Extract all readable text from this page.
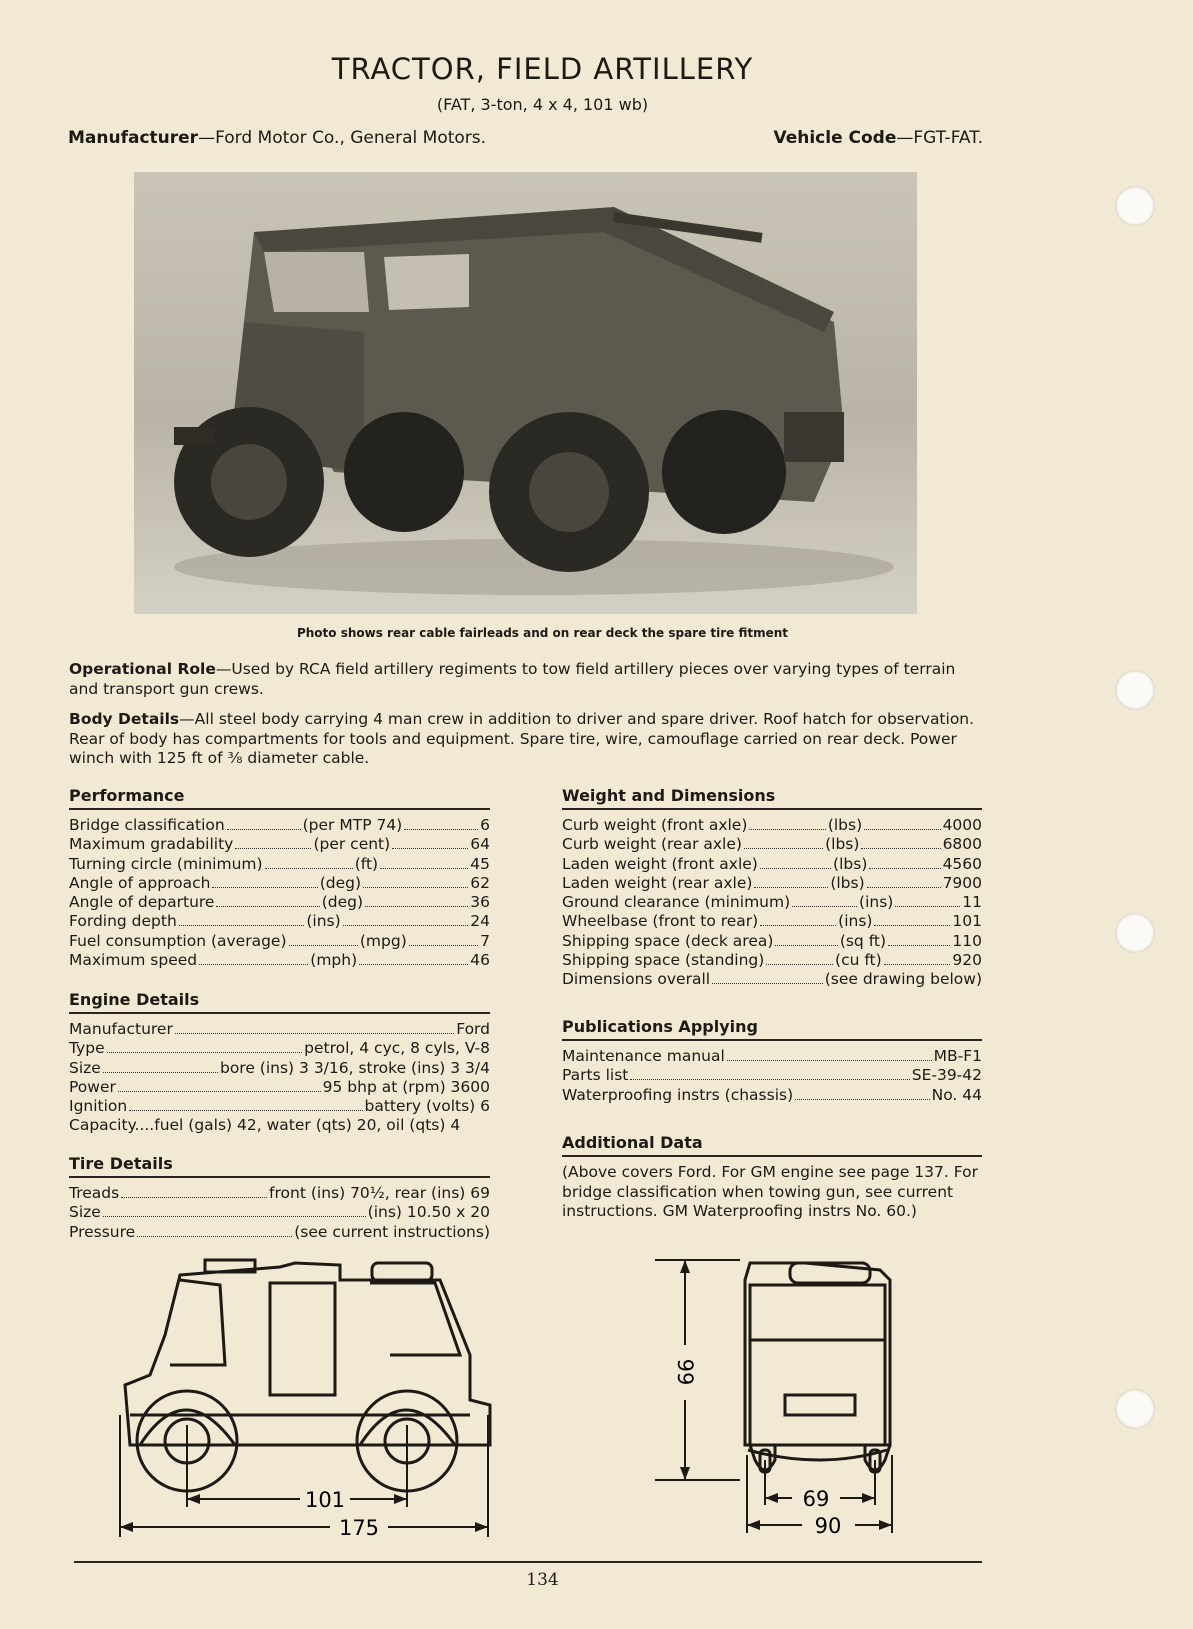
TRACTOR, FIELD ARTILLERY
(FAT, 3-ton, 4 x 4, 101 wb)
Manufacturer—Ford Motor Co., General Motors.	Vehicle Code—FGT-FAT.
Photo shows rear cable fairleads and on rear deck the spare tire fitment
Operational Role—Used by RCA field artillery regiments to tow field artillery pieces over varying types of terrain and transport gun crews.
Body Details—All steel body carrying 4 man crew in addition to driver and spare driver. Roof hatch for observation. Rear of body has compartments for tools and equipment. Spare tire, wire, camouflage carried on rear deck. Power winch with 125 ft of ⅜ diameter cable.
Performance
Bridge classification	(per MTP 74)	6
Maximum gradability	(per cent)	64
Turning circle (minimum)	(ft)	45
Angle of approach	(deg)	62
Angle of departure	(deg)	36
Fording depth	(ins)	24
Fuel consumption (average)	(mpg)	7
Maximum speed	(mph)	46
Engine Details
Manufacturer	Ford
Type	petrol, 4 cyc, 8 cyls, V-8
Size	bore (ins) 3 3/16, stroke (ins) 3 3/4
Power	95 bhp at (rpm) 3600
Ignition	battery (volts) 6
Capacity....fuel (gals) 42, water (qts) 20, oil (qts) 4
Tire Details
Treads	front (ins) 70½, rear (ins) 69
Size	(ins) 10.50 x 20
Pressure	(see current instructions)
Weight and Dimensions
Curb weight (front axle)	(lbs)	4000
Curb weight (rear axle)	(lbs)	6800
Laden weight (front axle)	(lbs)	4560
Laden weight (rear axle)	(lbs)	7900
Ground clearance (minimum)	(ins)	11
Wheelbase (front to rear)	(ins)	101
Shipping space (deck area)	(sq ft)	110
Shipping space (standing)	(cu ft)	920
Dimensions overall	(see drawing below)
Publications Applying
Maintenance manual	MB-F1
Parts list	SE-39-42
Waterproofing instrs (chassis)	No. 44
Additional Data
(Above covers Ford. For GM engine see page 137. For bridge classification when towing gun, see current instructions. GM Waterproofing instrs No. 60.)
101
175
99
69
90
134
